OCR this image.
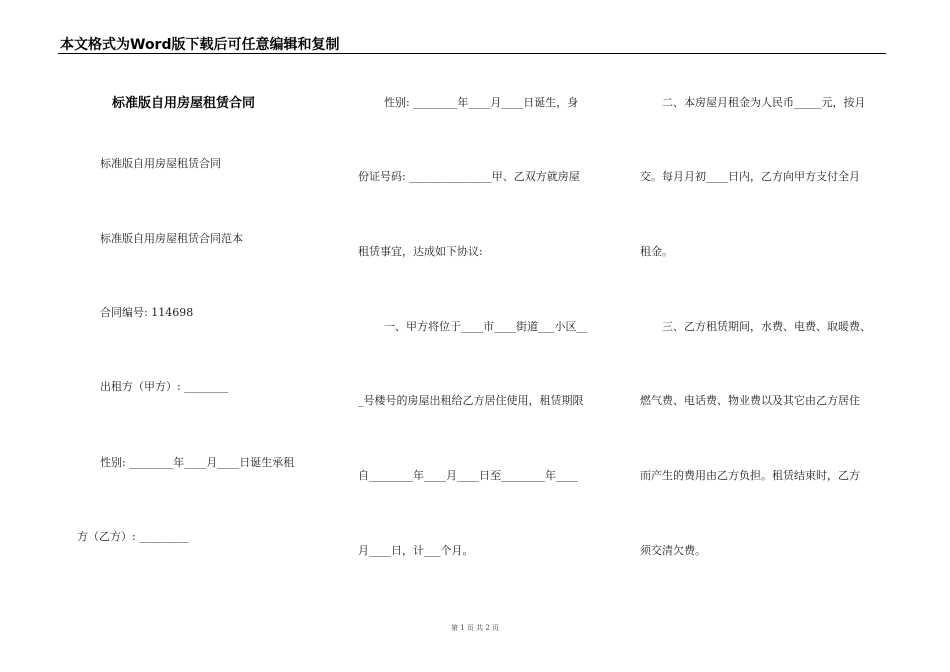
本文格式为Word版下载后可任意编辑和复制
标准版自用房屋租赁合同
标准版自用房屋租赁合同
标准版自用房屋租赁合同范本
合同编号: 114698
出租方（甲方）: ________
性别: ________年____月____日诞生承租
方（乙方）: _________
性别: ________年____月____日诞生，身
份证号码: _______________甲、乙双方就房屋
租赁事宜，达成如下协议:
一、甲方将位于____市____街道___小区__
_号楼号的房屋出租给乙方居住使用，租赁期限
自________年____月____日至________年____
月____日，计___个月。
二、本房屋月租金为人民币_____元，按月
交。每月月初____日内，乙方向甲方支付全月
租金。
三、乙方租赁期间，水费、电费、取暖费、
燃气费、电话费、物业费以及其它由乙方居住
而产生的费用由乙方负担。租赁结束时，乙方
须交清欠费。
第 1 页 共 2 页
